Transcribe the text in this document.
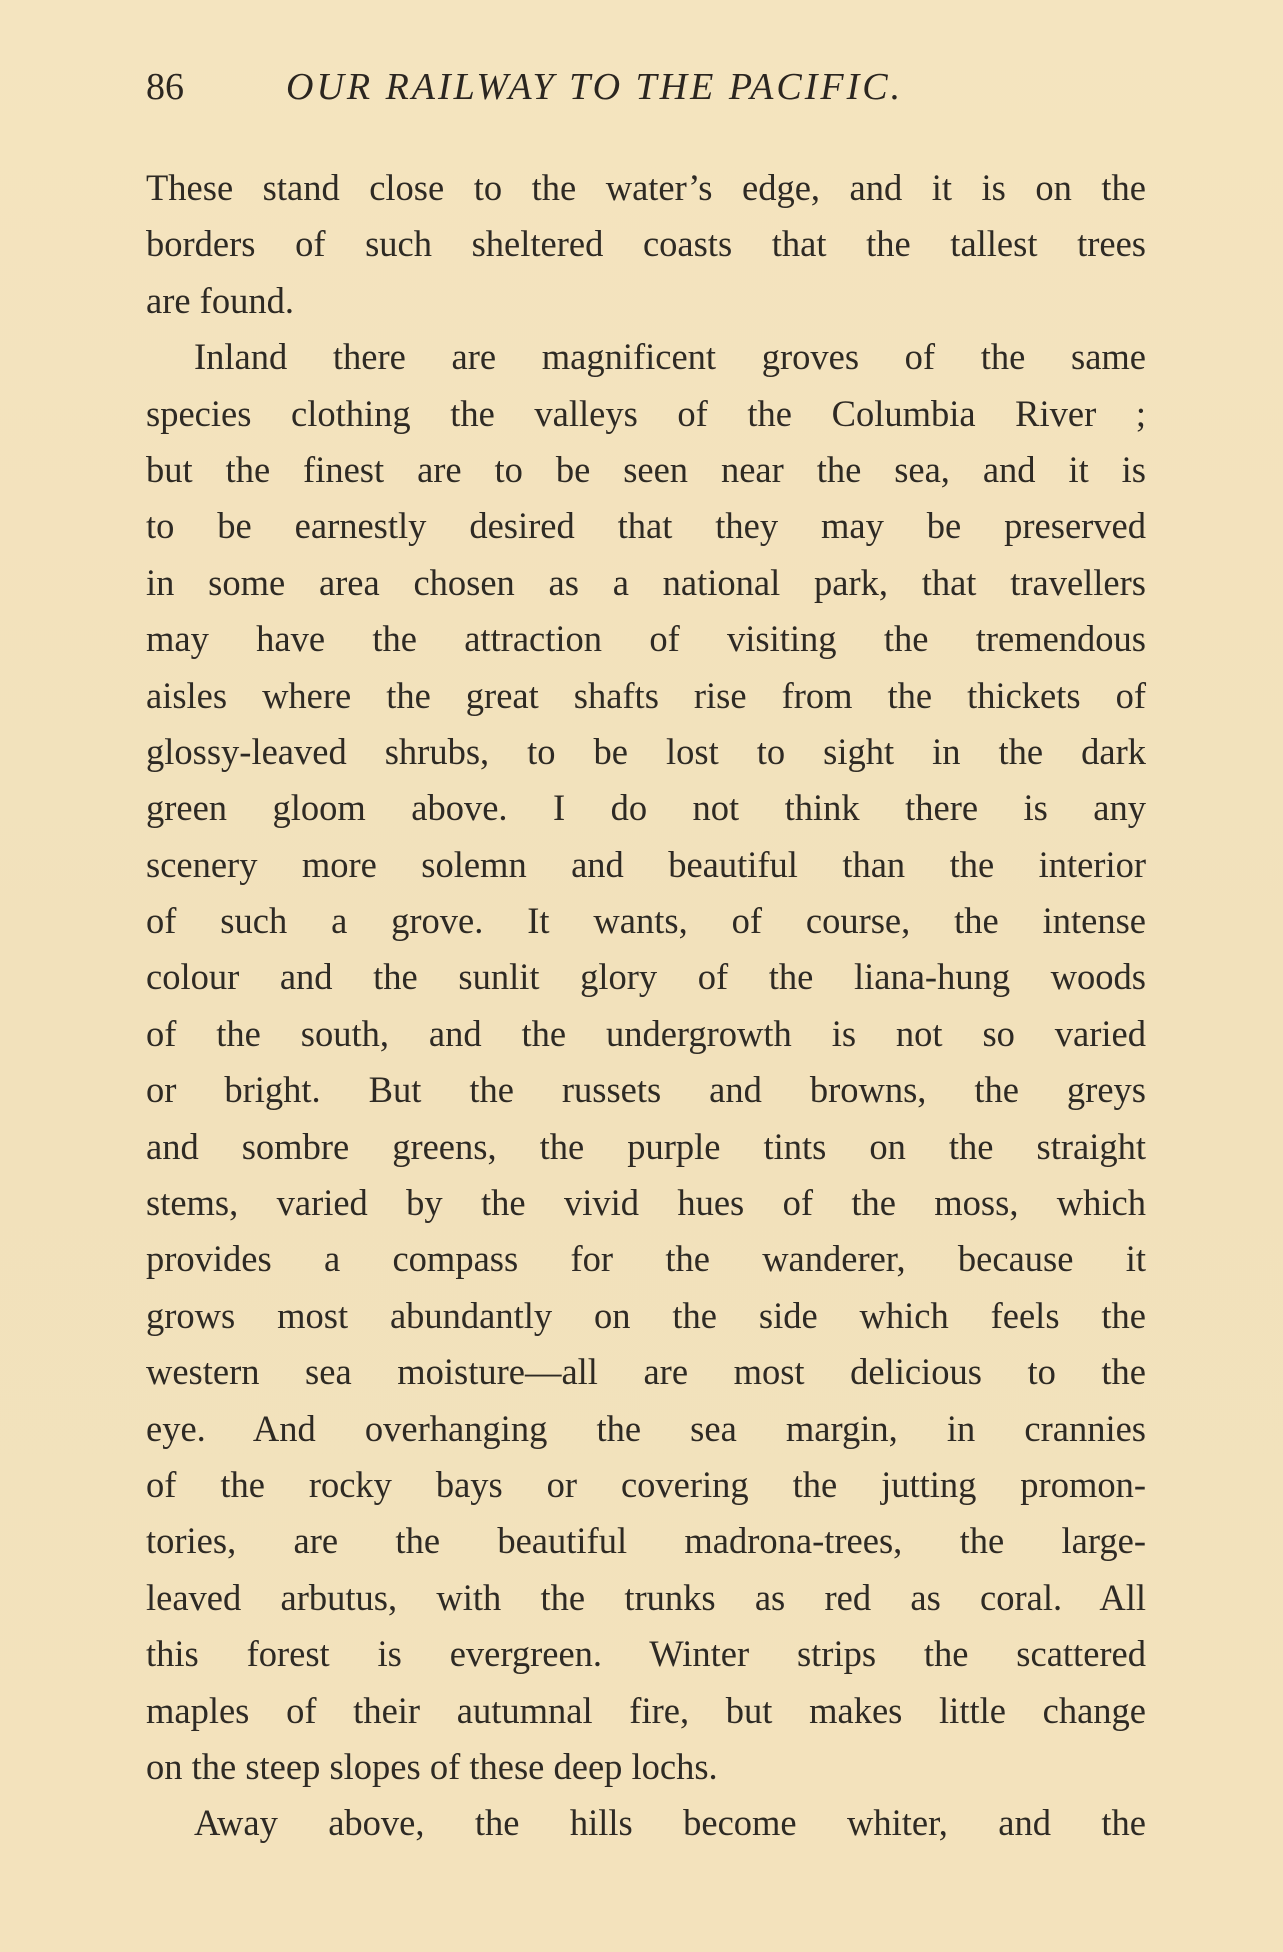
86	OUR RAILWAY TO THE PACIFIC.
These stand close to the water’s edge, and it is on the
borders of such sheltered coasts that the tallest trees
are found.
Inland there are magnificent groves of the same
species clothing the valleys of the Columbia River ;
but the finest are to be seen near the sea, and it is
to be earnestly desired that they may be preserved
in some area chosen as a national park, that travellers
may have the attraction of visiting the tremendous
aisles where the great shafts rise from the thickets of
glossy-leaved shrubs, to be lost to sight in the dark
green gloom above. I do not think there is any
scenery more solemn and beautiful than the interior
of such a grove. It wants, of course, the intense
colour and the sunlit glory of the liana-hung woods
of the south, and the undergrowth is not so varied
or bright. But the russets and browns, the greys
and sombre greens, the purple tints on the straight
stems, varied by the vivid hues of the moss, which
provides a compass for the wanderer, because it
grows most abundantly on the side which feels the
western sea moisture—all are most delicious to the
eye. And overhanging the sea margin, in crannies
of the rocky bays or covering the jutting promon-
tories, are the beautiful madrona-trees, the large-
leaved arbutus, with the trunks as red as coral. All
this forest is evergreen. Winter strips the scattered
maples of their autumnal fire, but makes little change
on the steep slopes of these deep lochs.
Away above, the hills become whiter, and the
